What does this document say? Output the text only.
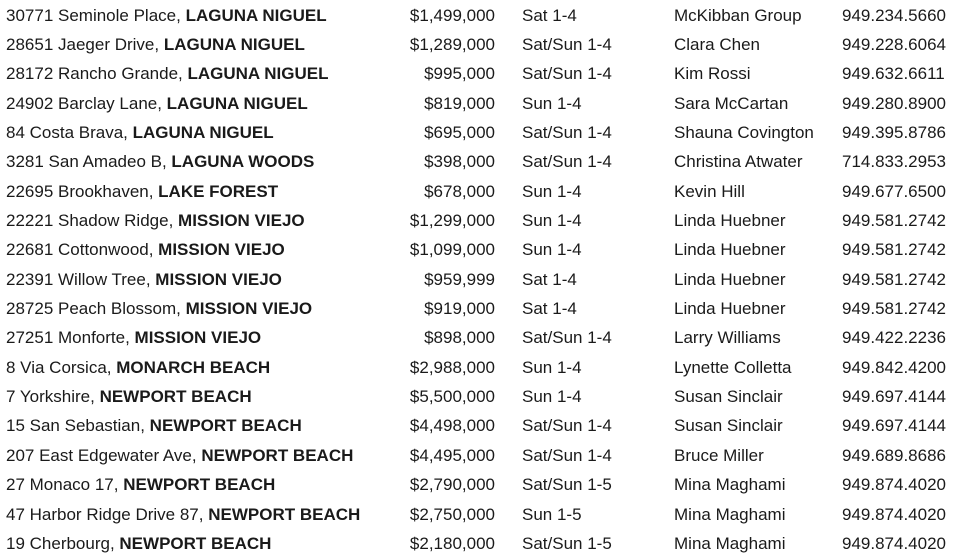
30771 Seminole Place, LAGUNA NIGUEL	$1,499,000	Sat 1-4	McKibban Group	949.234.5660
28651 Jaeger Drive, LAGUNA NIGUEL	$1,289,000	Sat/Sun 1-4	Clara Chen	949.228.6064
28172 Rancho Grande, LAGUNA NIGUEL	$995,000	Sat/Sun 1-4	Kim Rossi	949.632.6611
24902 Barclay Lane, LAGUNA NIGUEL	$819,000	Sun 1-4	Sara McCartan	949.280.8900
84 Costa Brava, LAGUNA NIGUEL	$695,000	Sat/Sun 1-4	Shauna Covington	949.395.8786
3281 San Amadeo B, LAGUNA WOODS	$398,000	Sat/Sun 1-4	Christina Atwater	714.833.2953
22695 Brookhaven, LAKE FOREST	$678,000	Sun 1-4	Kevin Hill	949.677.6500
22221 Shadow Ridge, MISSION VIEJO	$1,299,000	Sun 1-4	Linda Huebner	949.581.2742
22681 Cottonwood, MISSION VIEJO	$1,099,000	Sun 1-4	Linda Huebner	949.581.2742
22391 Willow Tree, MISSION VIEJO	$959,999	Sat 1-4	Linda Huebner	949.581.2742
28725 Peach Blossom, MISSION VIEJO	$919,000	Sat 1-4	Linda Huebner	949.581.2742
27251 Monforte, MISSION VIEJO	$898,000	Sat/Sun 1-4	Larry Williams	949.422.2236
8 Via Corsica, MONARCH BEACH	$2,988,000	Sun 1-4	Lynette Colletta	949.842.4200
7 Yorkshire, NEWPORT BEACH	$5,500,000	Sun 1-4	Susan Sinclair	949.697.4144
15 San Sebastian, NEWPORT BEACH	$4,498,000	Sat/Sun 1-4	Susan Sinclair	949.697.4144
207 East Edgewater Ave, NEWPORT BEACH	$4,495,000	Sat/Sun 1-4	Bruce Miller	949.689.8686
27 Monaco 17, NEWPORT BEACH	$2,790,000	Sat/Sun 1-5	Mina Maghami	949.874.4020
47 Harbor Ridge Drive 87, NEWPORT BEACH	$2,750,000	Sun 1-5	Mina Maghami	949.874.4020
19 Cherbourg, NEWPORT BEACH	$2,180,000	Sat/Sun 1-5	Mina Maghami	949.874.4020
